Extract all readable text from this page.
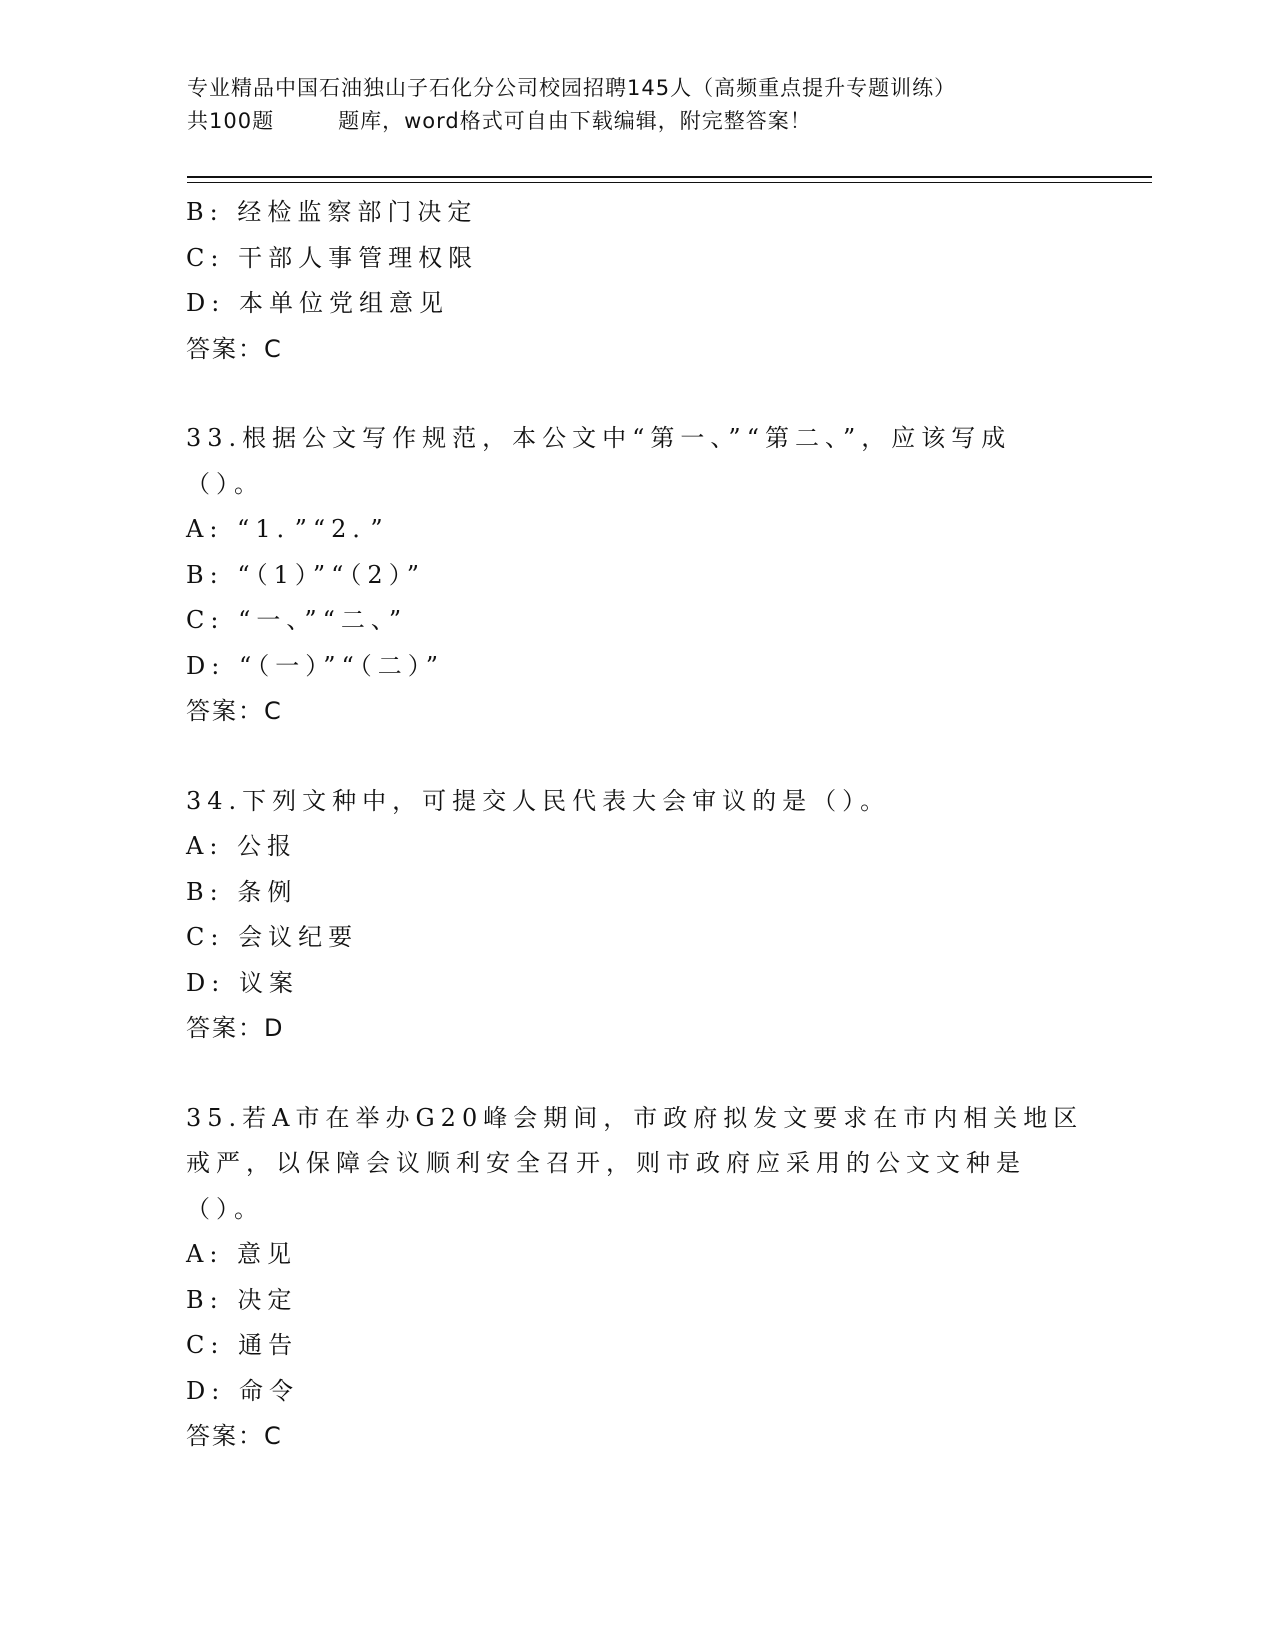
专业精品中国石油独山子石化分公司校园招聘145人（高频重点提升专题训练）
共100题	题库，word格式可自由下载编辑，附完整答案！
B: 经检监察部门决定
C: 干部人事管理权限
D: 本单位党组意见
答案：C
33.根据公文写作规范，本公文中“第一、”“第二、”，应该写成（）。
A: “1．”“2．”
B: “（1）”“（2）”
C: “一、”“二、”
D: “（一）”“（二）”
答案：C
34.下列文种中，可提交人民代表大会审议的是（）。
A: 公报
B: 条例
C: 会议纪要
D: 议案
答案：D
35.若A市在举办G20峰会期间，市政府拟发文要求在市内相关地区戒严，以保障会议顺利安全召开，则市政府应采用的公文文种是（）。
A: 意见
B: 决定
C: 通告
D: 命令
答案：C
